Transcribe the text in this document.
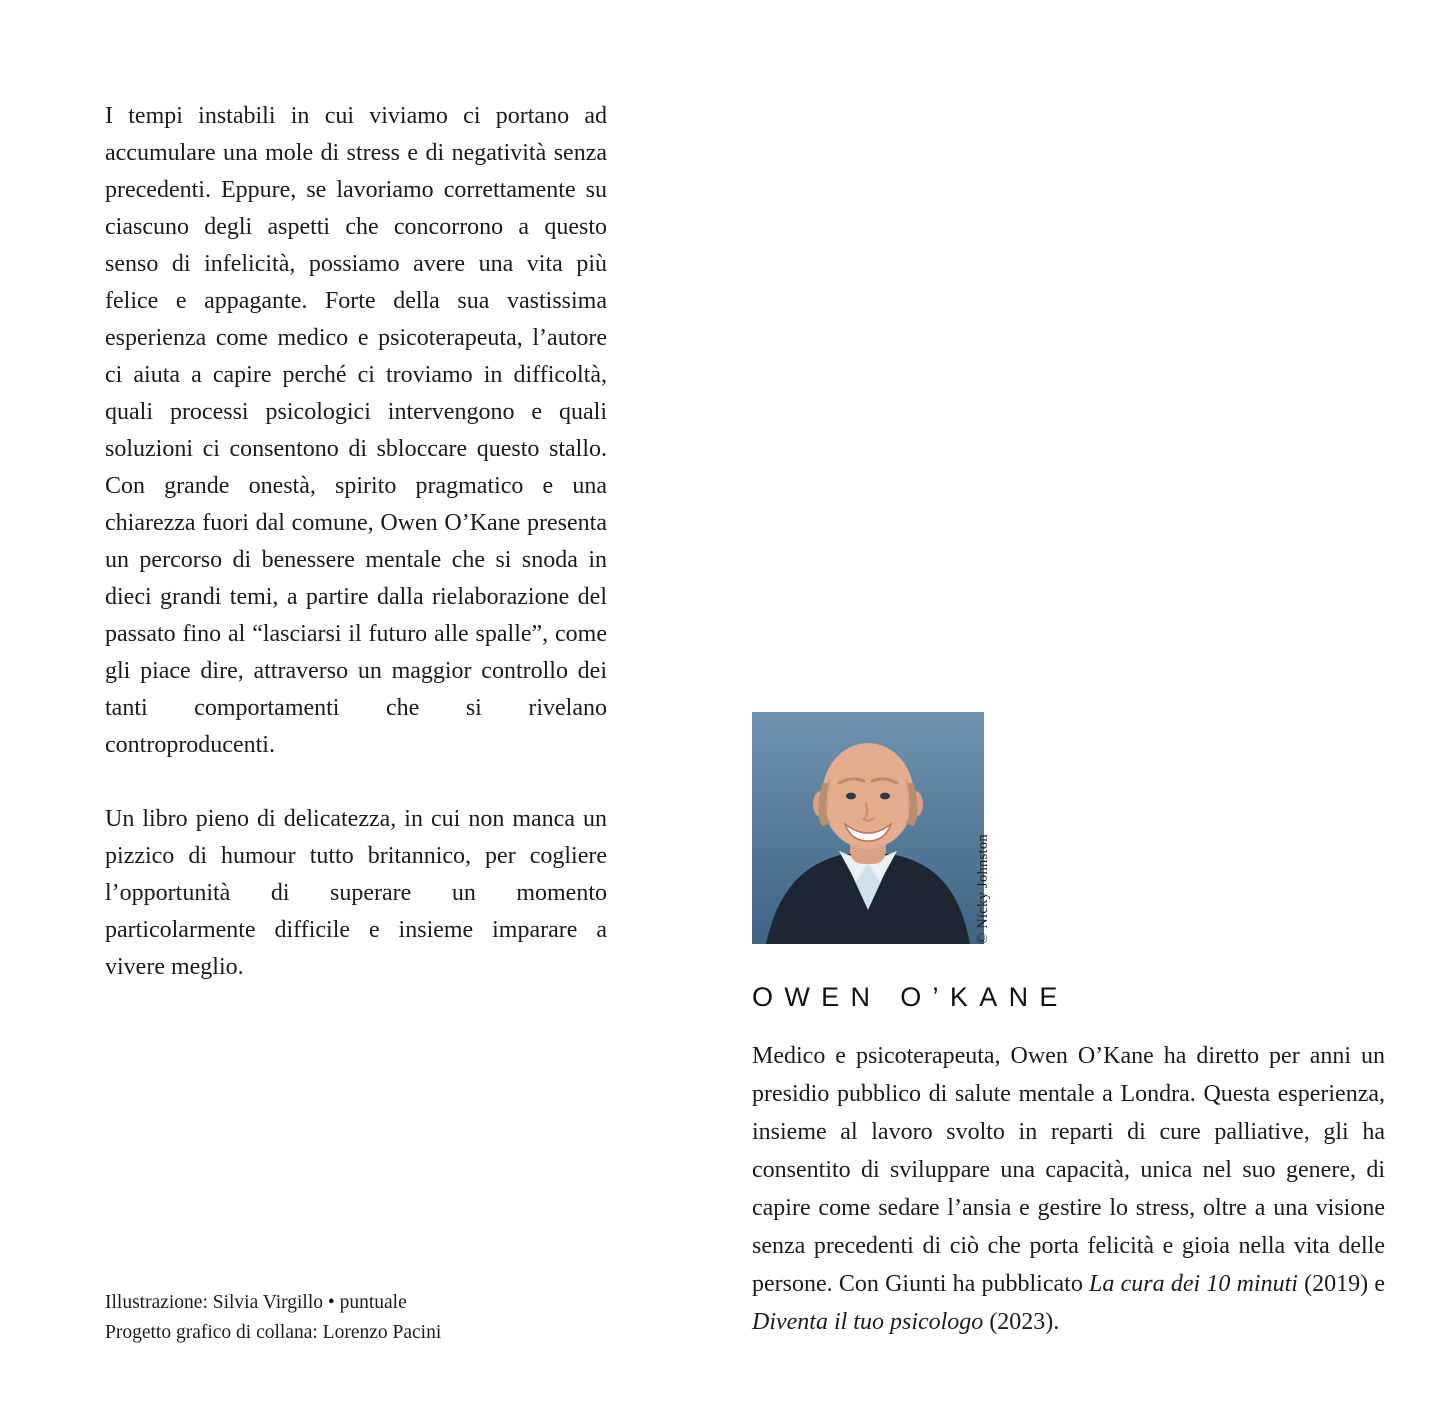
I tempi instabili in cui viviamo ci portano ad accumulare una mole di stress e di negatività senza precedenti. Eppure, se lavoriamo correttamente su ciascuno degli aspetti che concorrono a questo senso di infelicità, possiamo avere una vita più felice e appagante. Forte della sua vastissima esperienza come medico e psicoterapeuta, l’autore ci aiuta a capire perché ci troviamo in difficoltà, quali processi psicologici intervengono e quali soluzioni ci consentono di sbloccare questo stallo. Con grande onestà, spirito pragmatico e una chiarezza fuori dal comune, Owen O’Kane presenta un percorso di benessere mentale che si snoda in dieci grandi temi, a partire dalla rielaborazione del passato fino al “lasciarsi il futuro alle spalle”, come gli piace dire, attraverso un maggior controllo dei tanti comportamenti che si rivelano controproducenti.

Un libro pieno di delicatezza, in cui non manca un pizzico di humour tutto britannico, per cogliere l’opportunità di superare un momento particolarmente difficile e insieme imparare a vivere meglio.

Illustrazione: Silvia Virgillo • puntuale
Progetto grafico di collana: Lorenzo Pacini
© Nicky Johnston
OWEN O’KANE

Medico e psicoterapeuta, Owen O’Kane ha diretto per anni un presidio pubblico di salute mentale a Londra. Questa esperienza, insieme al lavoro svolto in reparti di cure palliative, gli ha consentito di sviluppare una capacità, unica nel suo genere, di capire come sedare l’ansia e gestire lo stress, oltre a una visione senza precedenti di ciò che porta felicità e gioia nella vita delle persone. Con Giunti ha pubblicato La cura dei 10 minuti (2019) e Diventa il tuo psicologo (2023).
